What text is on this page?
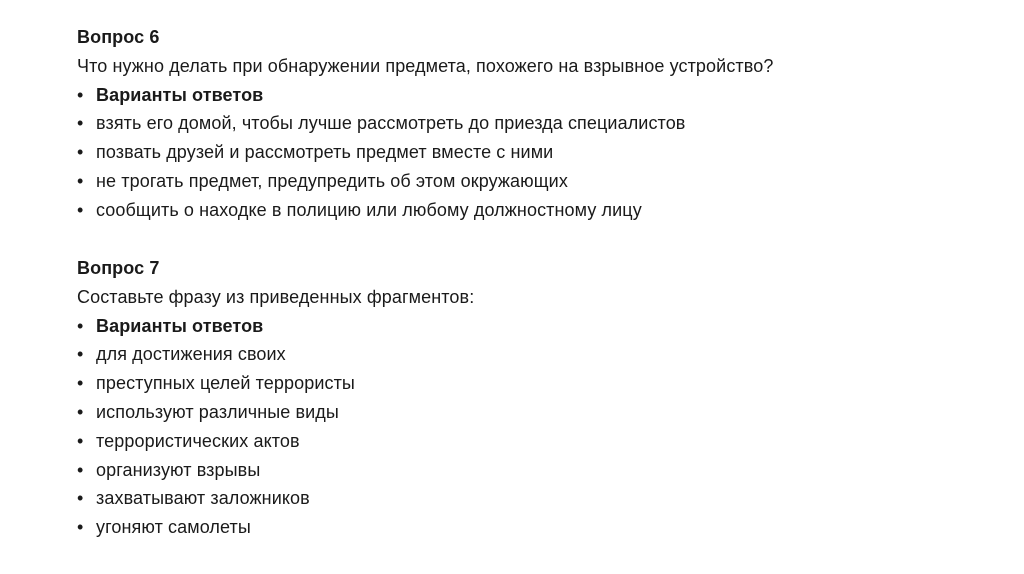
Вопрос 6
Что нужно делать при обнаружении предмета, похожего на взрывное устройство?
• Варианты ответов
• взять его домой, чтобы лучше рассмотреть до приезда специалистов
• позвать друзей и рассмотреть предмет вместе с ними
• не трогать предмет, предупредить об этом окружающих
• сообщить о находке в полицию или любому должностному лицу
Вопрос 7
Составьте фразу из приведенных фрагментов:
• Варианты ответов
• для достижения своих
• преступных целей террористы
• используют различные виды
• террористических актов
• организуют взрывы
• захватывают заложников
• угоняют самолеты
